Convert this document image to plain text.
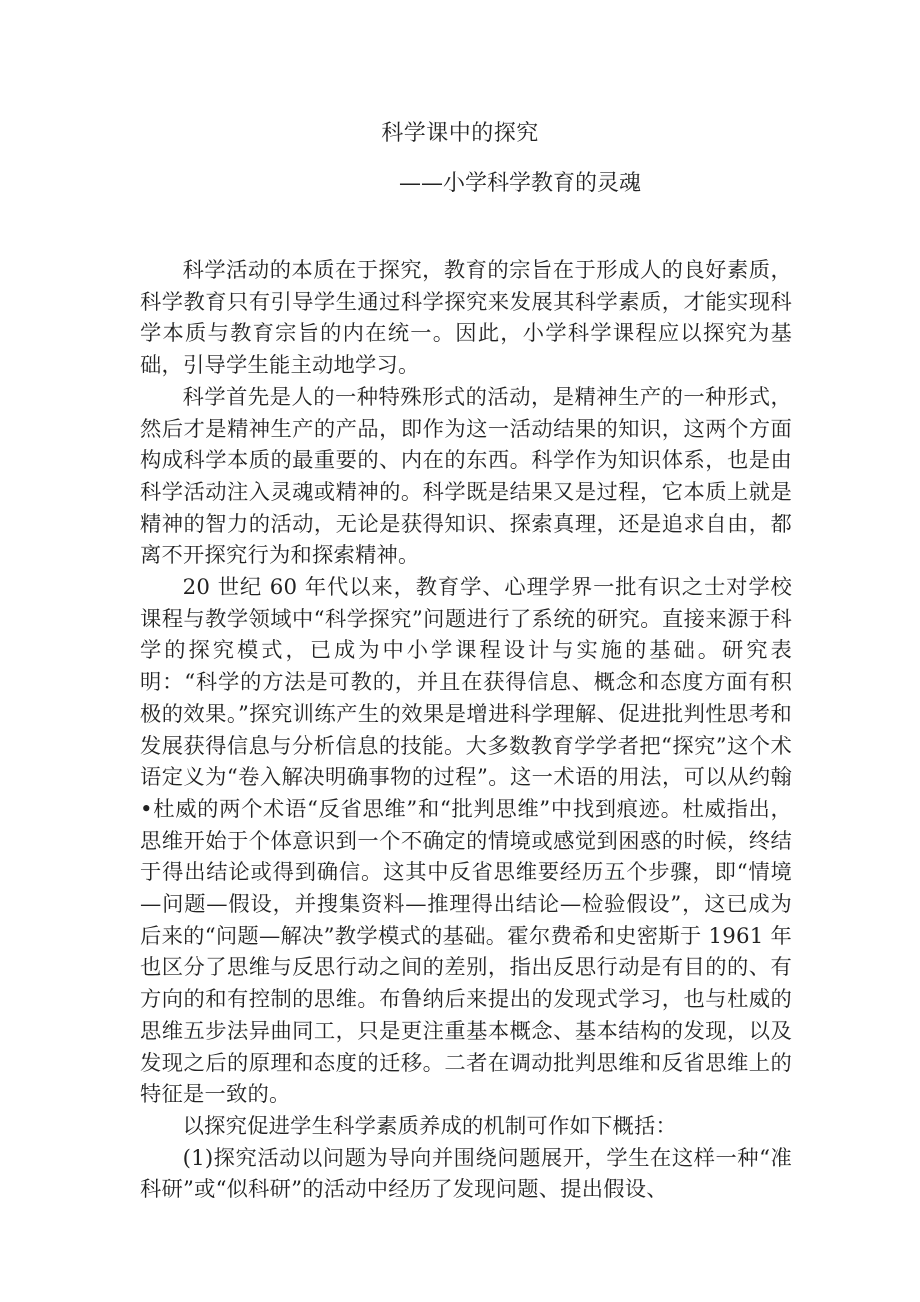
科学课中的探究
——小学科学教育的灵魂

科学活动的本质在于探究，教育的宗旨在于形成人的良好素质，科学教育只有引导学生通过科学探究来发展其科学素质，才能实现科学本质与教育宗旨的内在统一。因此，小学科学课程应以探究为基础，引导学生能主动地学习。

科学首先是人的一种特殊形式的活动，是精神生产的一种形式，然后才是精神生产的产品，即作为这一活动结果的知识，这两个方面构成科学本质的最重要的、内在的东西。科学作为知识体系，也是由科学活动注入灵魂或精神的。科学既是结果又是过程，它本质上就是精神的智力的活动，无论是获得知识、探索真理，还是追求自由，都离不开探究行为和探索精神。

20 世纪 60 年代以来，教育学、心理学界一批有识之士对学校课程与教学领域中“科学探究”问题进行了系统的研究。直接来源于科学的探究模式，已成为中小学课程设计与实施的基础。研究表明：“科学的方法是可教的，并且在获得信息、概念和态度方面有积极的效果。”探究训练产生的效果是增进科学理解、促进批判性思考和发展获得信息与分析信息的技能。大多数教育学学者把“探究”这个术语定义为“卷入解决明确事物的过程”。这一术语的用法，可以从约翰•杜威的两个术语“反省思维”和“批判思维”中找到痕迹。杜威指出，思维开始于个体意识到一个不确定的情境或感觉到困惑的时候，终结于得出结论或得到确信。这其中反省思维要经历五个步骤，即“情境—问题—假设，并搜集资料—推理得出结论—检验假设”，这已成为后来的“问题—解决”教学模式的基础。霍尔费希和史密斯于 1961 年也区分了思维与反思行动之间的差别，指出反思行动是有目的的、有方向的和有控制的思维。布鲁纳后来提出的发现式学习，也与杜威的思维五步法异曲同工，只是更注重基本概念、基本结构的发现，以及发现之后的原理和态度的迁移。二者在调动批判思维和反省思维上的特征是一致的。

以探究促进学生科学素质养成的机制可作如下概括：

(1)探究活动以问题为导向并围绕问题展开，学生在这样一种“准科研”或“似科研”的活动中经历了发现问题、提出假设、
